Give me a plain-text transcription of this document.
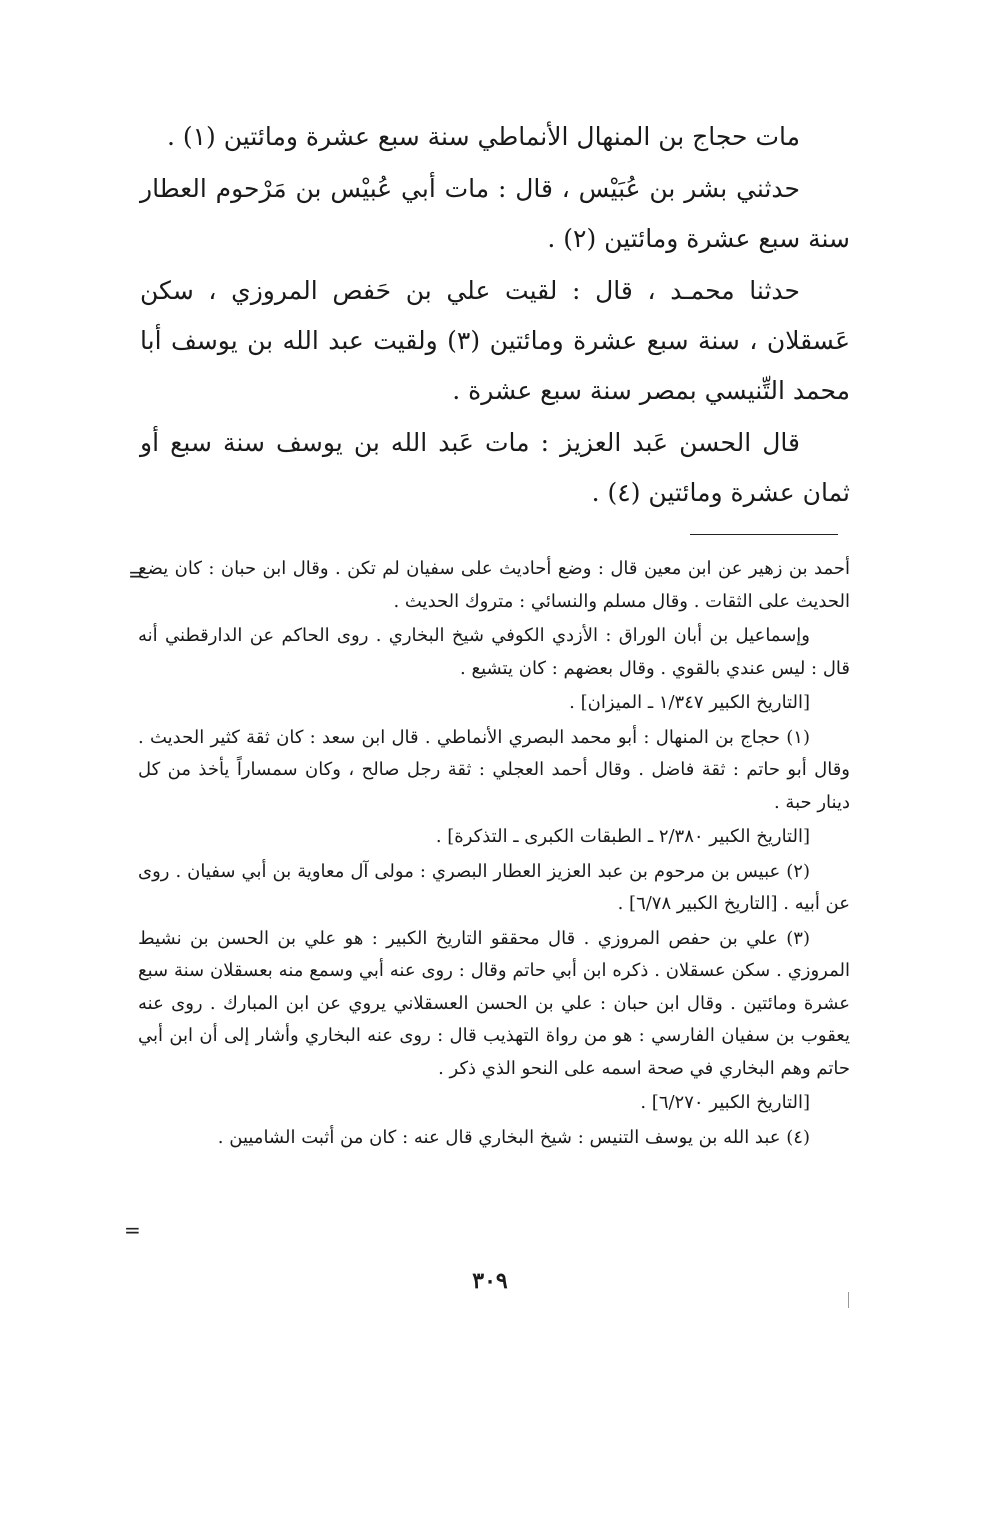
مات حجاج بن المنهال الأنماطي سنة سبع عشرة ومائتين (١) .

حدثني بشر بن عُبَيْس ، قال : مات أبي عُبيْس بن مَرْحوم العطار سنة سبع عشرة ومائتين (٢) .

حدثنا محمـد ، قال : لقيت علي بن حَفص المروزي ، سكن عَسقلان ، سنة سبع عشرة ومائتين (٣) ولقيت عبد الله بن يوسف أبا محمد التِّنيسي بمصر سنة سبع عشرة .

قال الحسن عَبد العزيز : مات عَبد الله بن يوسف سنة سبع أو ثمان عشرة ومائتين (٤) .

=

أحمد بن زهير عن ابن معين قال : وضع أحاديث على سفيان لم تكن . وقال ابن حبان : كان يضع الحديث على الثقات . وقال مسلم والنسائي : متروك الحديث .

وإسماعيل بن أبان الوراق : الأزدي الكوفي شيخ البخاري . روى الحاكم عن الدارقطني أنه قال : ليس عندي بالقوي . وقال بعضهم : كان يتشيع .

[التاريخ الكبير ١/٣٤٧ ـ الميزان] .

(١) حجاج بن المنهال : أبو محمد البصري الأنماطي . قال ابن سعد : كان ثقة كثير الحديث . وقال أبو حاتم : ثقة فاضل . وقال أحمد العجلي : ثقة رجل صالح ، وكان سمساراً يأخذ من كل دينار حبة .

[التاريخ الكبير ٢/٣٨٠ ـ الطبقات الكبرى ـ التذكرة] .

(٢) عبيس بن مرحوم بن عبد العزيز العطار البصري : مولى آل معاوية بن أبي سفيان . روى عن أبيه . [التاريخ الكبير ٦/٧٨] .

(٣) علي بن حفص المروزي . قال محققو التاريخ الكبير : هو علي بن الحسن بن نشيط المروزي . سكن عسقلان . ذكره ابن أبي حاتم وقال : روى عنه أبي وسمع منه بعسقلان سنة سبع عشرة ومائتين . وقال ابن حبان : علي بن الحسن العسقلاني يروي عن ابن المبارك . روى عنه يعقوب بن سفيان الفارسي : هو من رواة التهذيب قال : روى عنه البخاري وأشار إلى أن ابن أبي حاتم وهم البخاري في صحة اسمه على النحو الذي ذكر .

[التاريخ الكبير ٦/٢٧٠] .

(٤) عبد الله بن يوسف التنيس : شيخ البخاري قال عنه : كان من أثبت الشاميين .

=
٣٠٩
